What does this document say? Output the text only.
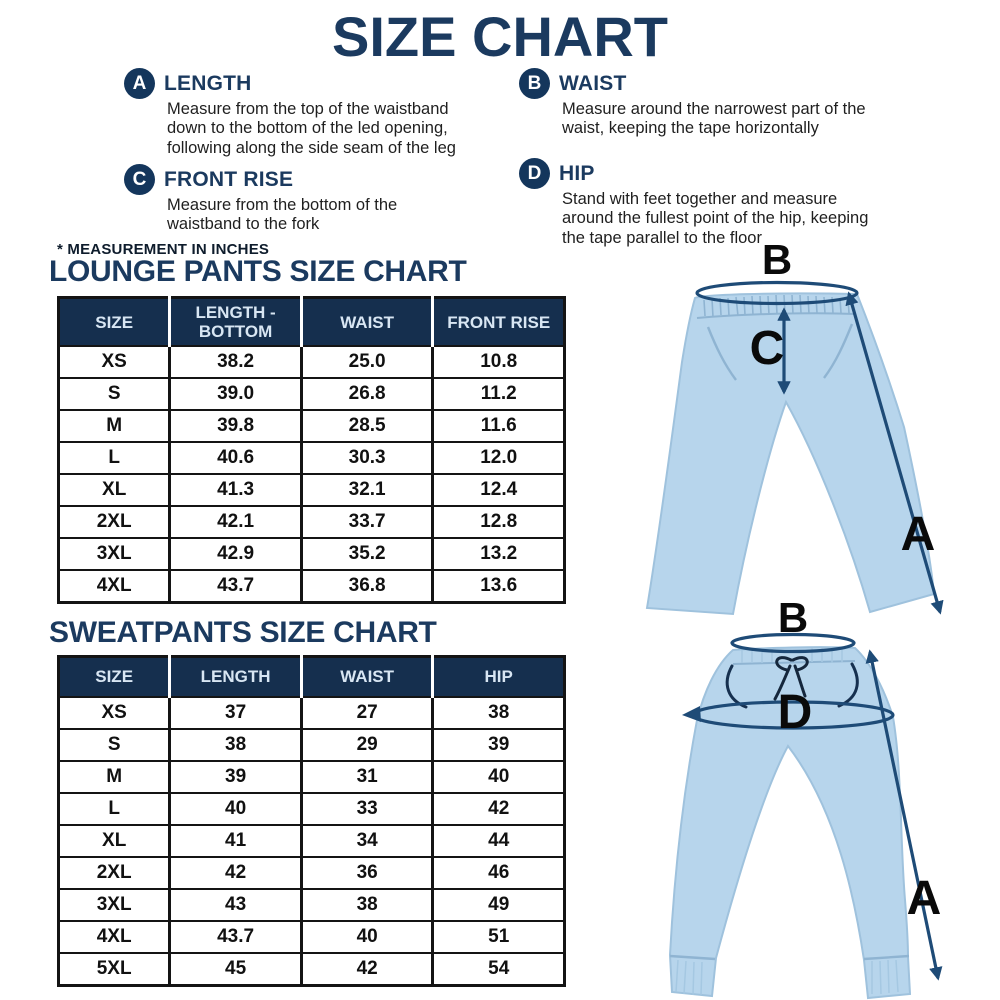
SIZE CHART
A LENGTH
Measure from the top of the waistband down to the bottom of the led opening, following along the side seam of the leg
B WAIST
Measure around the narrowest part of the waist, keeping the tape horizontally
C FRONT RISE
Measure from the bottom of the waistband to the fork
D HIP
Stand with feet together and measure around the fullest point of the hip, keeping the tape parallel to the floor
* MEASUREMENT IN INCHES
LOUNGE PANTS SIZE CHART
SIZE	LENGTH - BOTTOM	WAIST	FRONT RISE
XS	38.2	25.0	10.8
S	39.0	26.8	11.2
M	39.8	28.5	11.6
L	40.6	30.3	12.0
XL	41.3	32.1	12.4
2XL	42.1	33.7	12.8
3XL	42.9	35.2	13.2
4XL	43.7	36.8	13.6
SWEATPANTS SIZE CHART
SIZE	LENGTH	WAIST	HIP
XS	37	27	38
S	38	29	39
M	39	31	40
L	40	33	42
XL	41	34	44
2XL	42	36	46
3XL	43	38	49
4XL	43.7	40	51
5XL	45	42	54
B
C
A
B
D
A
